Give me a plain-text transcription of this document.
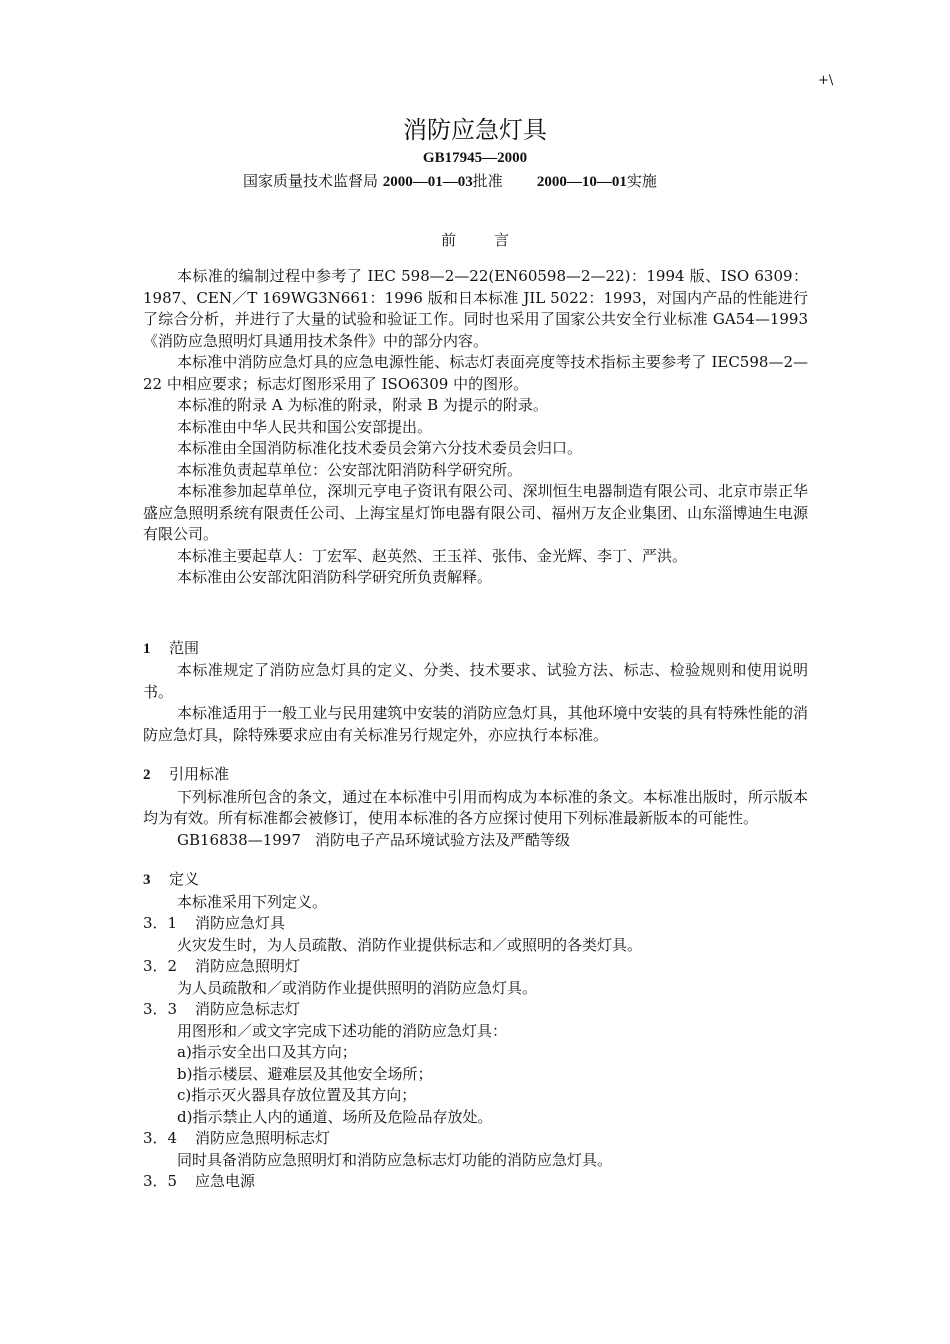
+\
消防应急灯具
GB17945—2000
国家质量技术监督局 2000—01—03批准 2000—10—01实施
前言

本标准的编制过程中参考了 IEC 598—2—22(EN60598—2—22)：1994 版、ISO 6309：1987、CEN／T 169WG3N661：1996 版和日本标准 JIL 5022：1993，对国内产品的性能进行了综合分析，并进行了大量的试验和验证工作。同时也采用了国家公共安全行业标准 GA54—1993《消防应急照明灯具通用技术条件》中的部分内容。

本标准中消防应急灯具的应急电源性能、标志灯表面亮度等技术指标主要参考了 IEC598—2—22 中相应要求；标志灯图形采用了 ISO6309 中的图形。

本标准的附录 A 为标准的附录，附录 B 为提示的附录。

本标准由中华人民共和国公安部提出。

本标准由全国消防标准化技术委员会第六分技术委员会归口。

本标准负责起草单位：公安部沈阳消防科学研究所。

本标准参加起草单位，深圳元亨电子资讯有限公司、深圳恒生电器制造有限公司、北京市崇正华盛应急照明系统有限责任公司、上海宝星灯饰电器有限公司、福州万友企业集团、山东淄博迪生电源有限公司。

本标准主要起草人：丁宏军、赵英然、王玉祥、张伟、金光辉、李丁、严洪。

本标准由公安部沈阳消防科学研究所负责解释。

1 范围

本标准规定了消防应急灯具的定义、分类、技术要求、试验方法、标志、检验规则和使用说明书。

本标准适用于一般工业与民用建筑中安装的消防应急灯具，其他环境中安装的具有特殊性能的消防应急灯具，除特殊要求应由有关标准另行规定外，亦应执行本标准。

2 引用标准

下列标准所包含的条文，通过在本标准中引用而构成为本标准的条文。本标准出版时，所示版本均为有效。所有标准都会被修订，使用本标准的各方应探讨使用下列标准最新版本的可能性。

GB16838—1997 消防电子产品环境试验方法及严酷等级

3 定义

本标准采用下列定义。

3．1 消防应急灯具

火灾发生时，为人员疏散、消防作业提供标志和／或照明的各类灯具。

3．2 消防应急照明灯

为人员疏散和／或消防作业提供照明的消防应急灯具。

3．3 消防应急标志灯

用图形和／或文字完成下述功能的消防应急灯具：

a)指示安全出口及其方向；

b)指示楼层、避难层及其他安全场所；

c)指示灭火器具存放位置及其方向；

d)指示禁止人内的通道、场所及危险品存放处。

3．4 消防应急照明标志灯

同时具备消防应急照明灯和消防应急标志灯功能的消防应急灯具。

3．5 应急电源
